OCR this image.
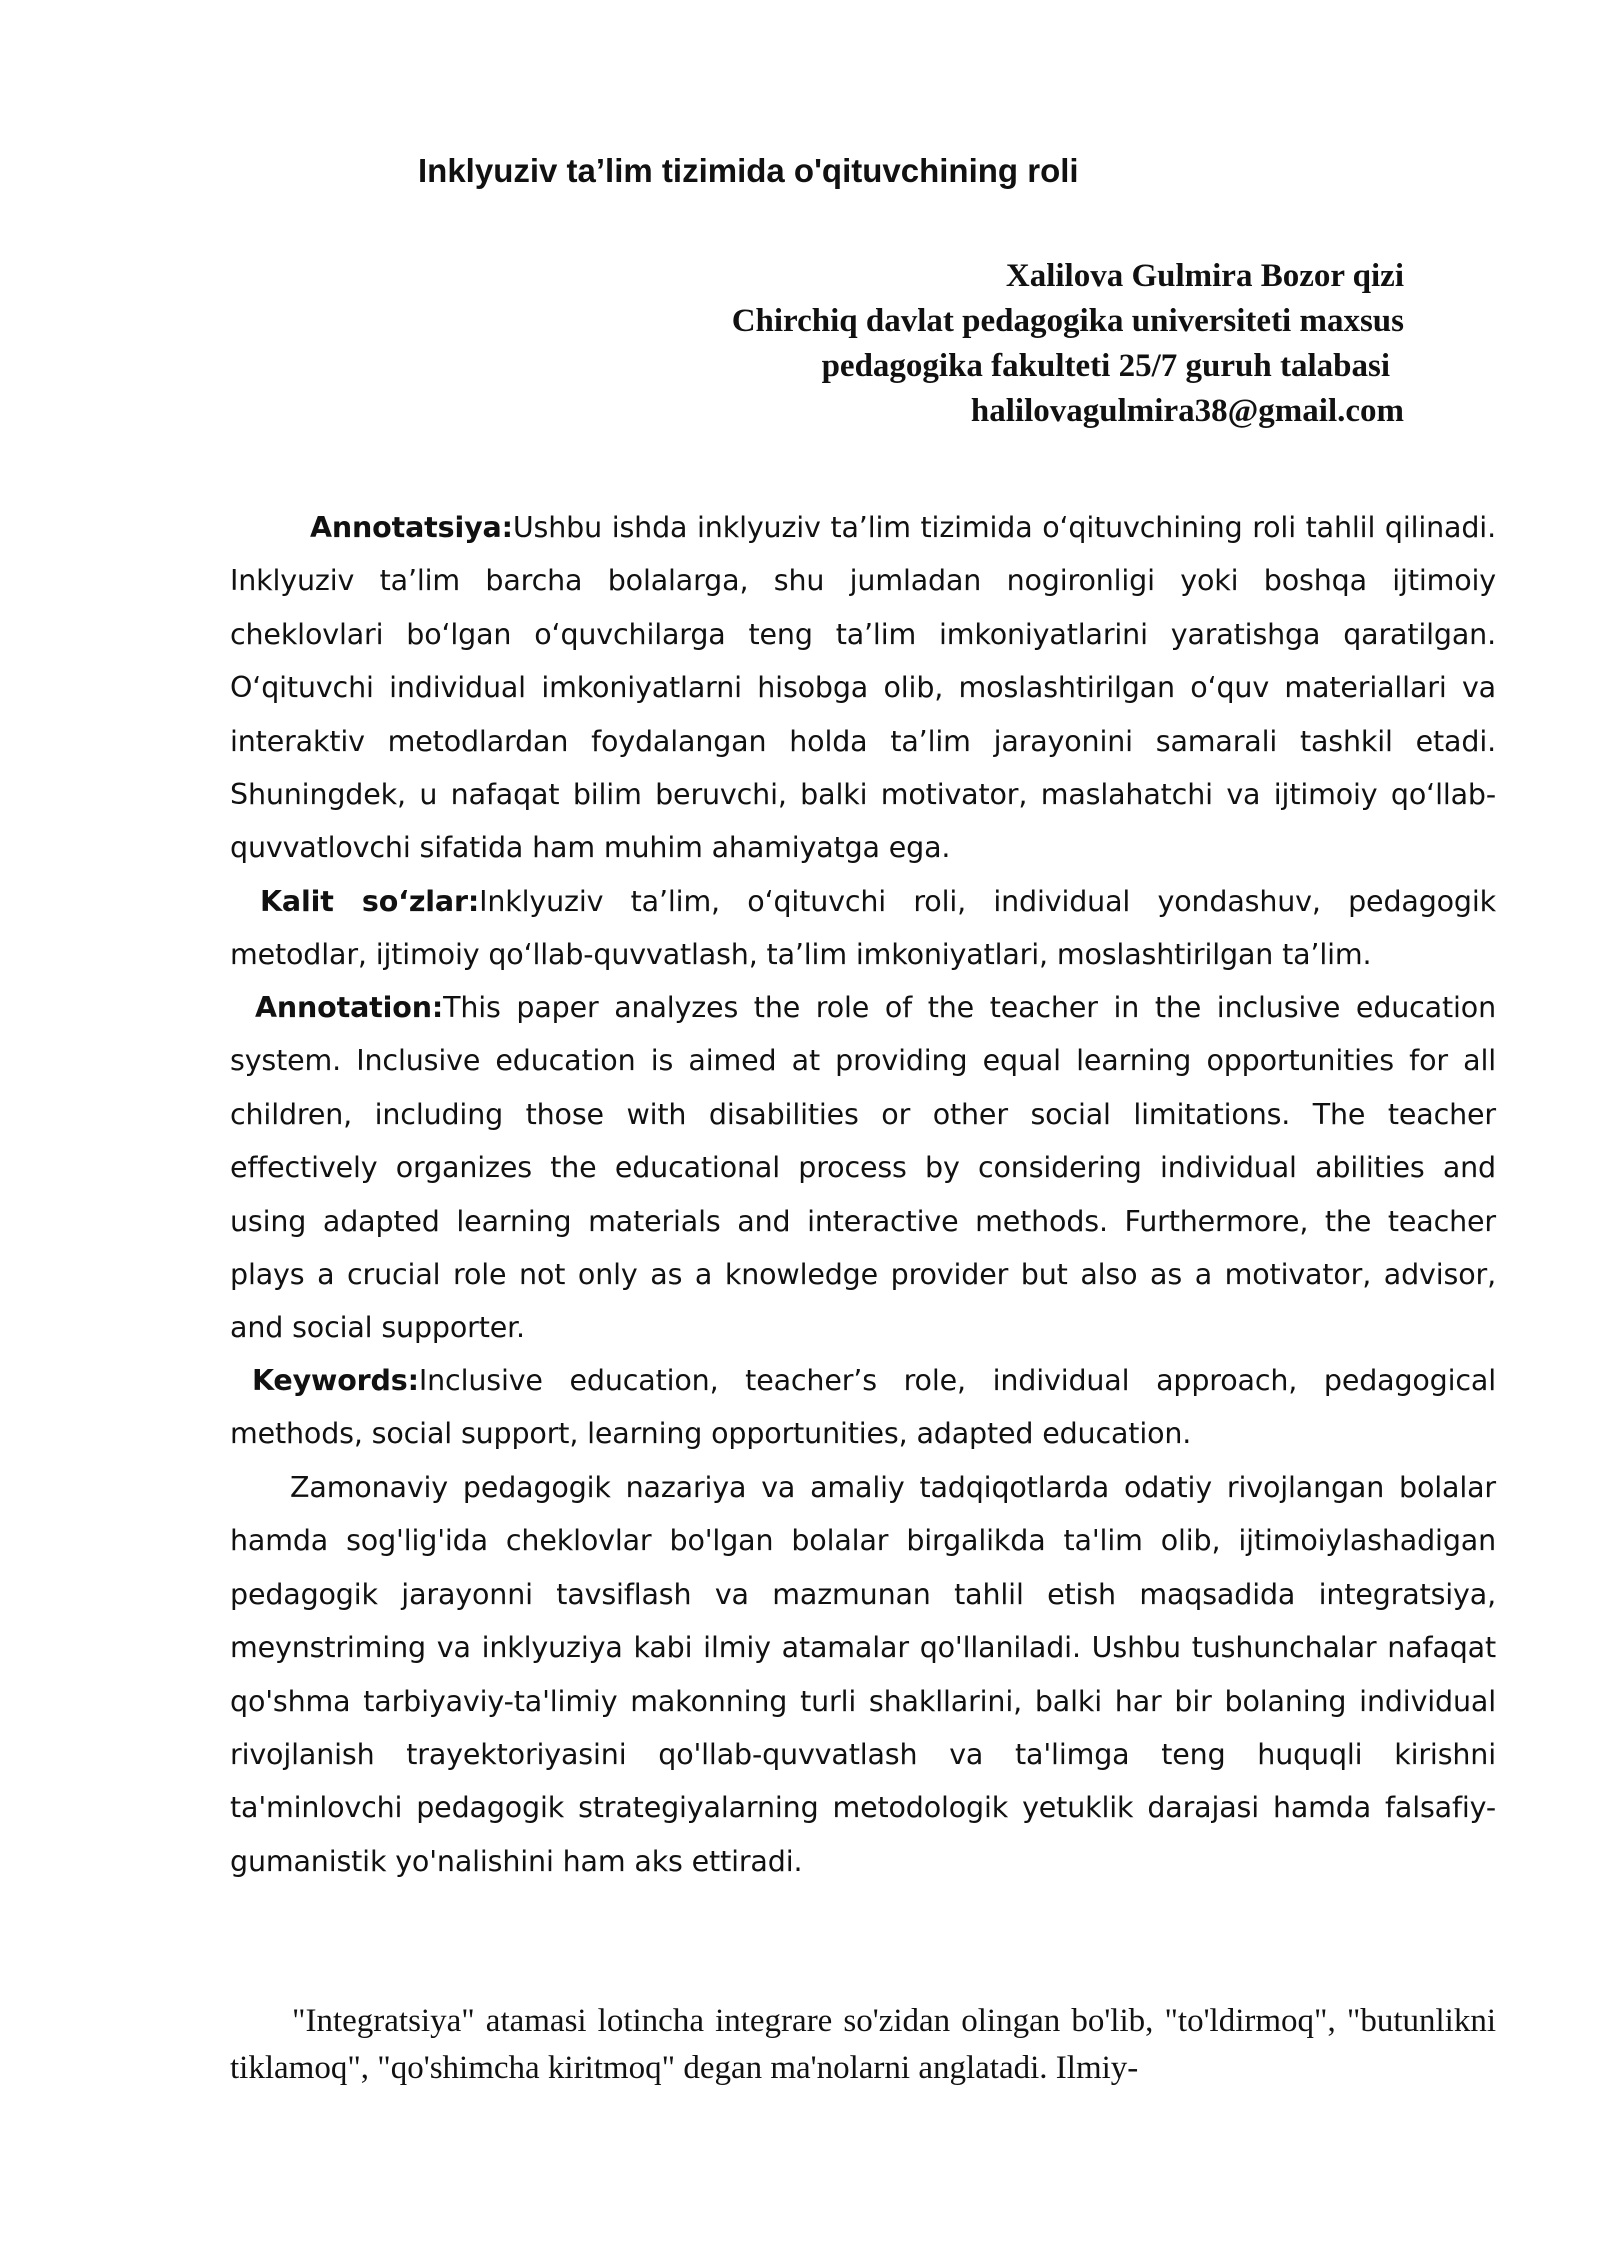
Inklyuziv ta’lim tizimida o'qituvchining roli
Xalilova Gulmira Bozor qizi
Chirchiq davlat pedagogika universiteti maxsus
pedagogika fakulteti 25/7 guruh talabasi
halilovagulmira38@gmail.com
Annotatsiya:Ushbu ishda inklyuziv ta’lim tizimida o‘qituvchining roli tahlil qilinadi. Inklyuziv ta’lim barcha bolalarga, shu jumladan nogironligi yoki boshqa ijtimoiy cheklovlari bo‘lgan o‘quvchilarga teng ta’lim imkoniyatlarini yaratishga qaratilgan. O‘qituvchi individual imkoniyatlarni hisobga olib, moslashtirilgan o‘quv materiallari va interaktiv metodlardan foydalangan holda ta’lim jarayonini samarali tashkil etadi. Shuningdek, u nafaqat bilim beruvchi, balki motivator, maslahatchi va ijtimoiy qo‘llab-quvvatlovchi sifatida ham muhim ahamiyatga ega.
Kalit so‘zlar:Inklyuziv ta’lim, o‘qituvchi roli, individual yondashuv, pedagogik metodlar, ijtimoiy qo‘llab-quvvatlash, ta’lim imkoniyatlari, moslashtirilgan ta’lim.
Annotation:This paper analyzes the role of the teacher in the inclusive education system. Inclusive education is aimed at providing equal learning opportunities for all children, including those with disabilities or other social limitations. The teacher effectively organizes the educational process by considering individual abilities and using adapted learning materials and interactive methods. Furthermore, the teacher plays a crucial role not only as a knowledge provider but also as a motivator, advisor, and social supporter.
Keywords:Inclusive education, teacher’s role, individual approach, pedagogical methods, social support, learning opportunities, adapted education.
Zamonaviy pedagogik nazariya va amaliy tadqiqotlarda odatiy rivojlangan bolalar hamda sog'lig'ida cheklovlar bo'lgan bolalar birgalikda ta'lim olib, ijtimoiylashadigan pedagogik jarayonni tavsiflash va mazmunan tahlil etish maqsadida integratsiya, meynstriming va inklyuziya kabi ilmiy atamalar qo'llaniladi. Ushbu tushunchalar nafaqat qo'shma tarbiyaviy-ta'limiy makonning turli shakllarini, balki har bir bolaning individual rivojlanish trayektoriyasini qo'llab-quvvatlash va ta'limga teng huquqli kirishni ta'minlovchi pedagogik strategiyalarning metodologik yetuklik darajasi hamda falsafiy-gumanistik yo'nalishini ham aks ettiradi.
"Integratsiya" atamasi lotincha integrare so'zidan olingan bo'lib, "to'ldirmoq", "butunlikni tiklamoq", "qo'shimcha kiritmoq" degan ma'nolarni anglatadi. Ilmiy-
